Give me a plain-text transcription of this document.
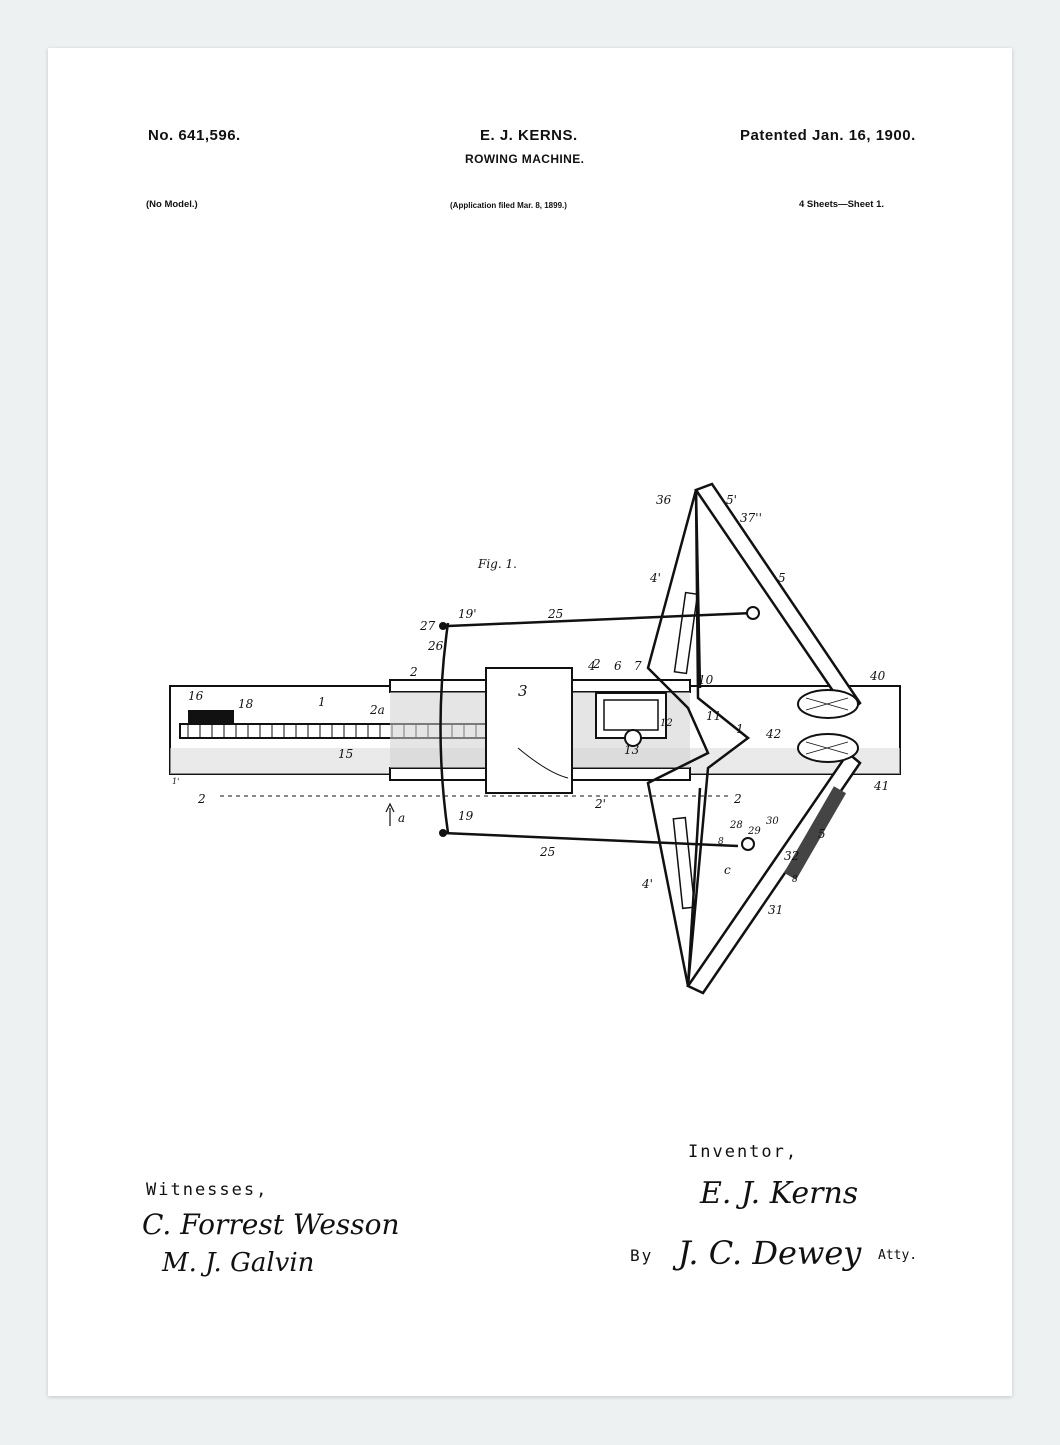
No. 641,596.	E. J. KERNS.
ROWING MACHINE.
Patented Jan. 16, 1900.
(No Model.)	(Application filed Mar. 8, 1899.)	4 Sheets—Sheet 1.
Fig. 1.
1
1
2
2	2
2
2'
2a
3
4
4'
4'
5
5'
6 7
8
8
10
11
12
13
15
16
18
19
19'	25
25
26
27
28
29
30
31
32
36
37''
40
41
42
a
c
1'
5
Witnesses,
C. Forrest Wesson
M. J. Galvin
Inventor,
E. J. Kerns
By J. C. Dewey Atty.
